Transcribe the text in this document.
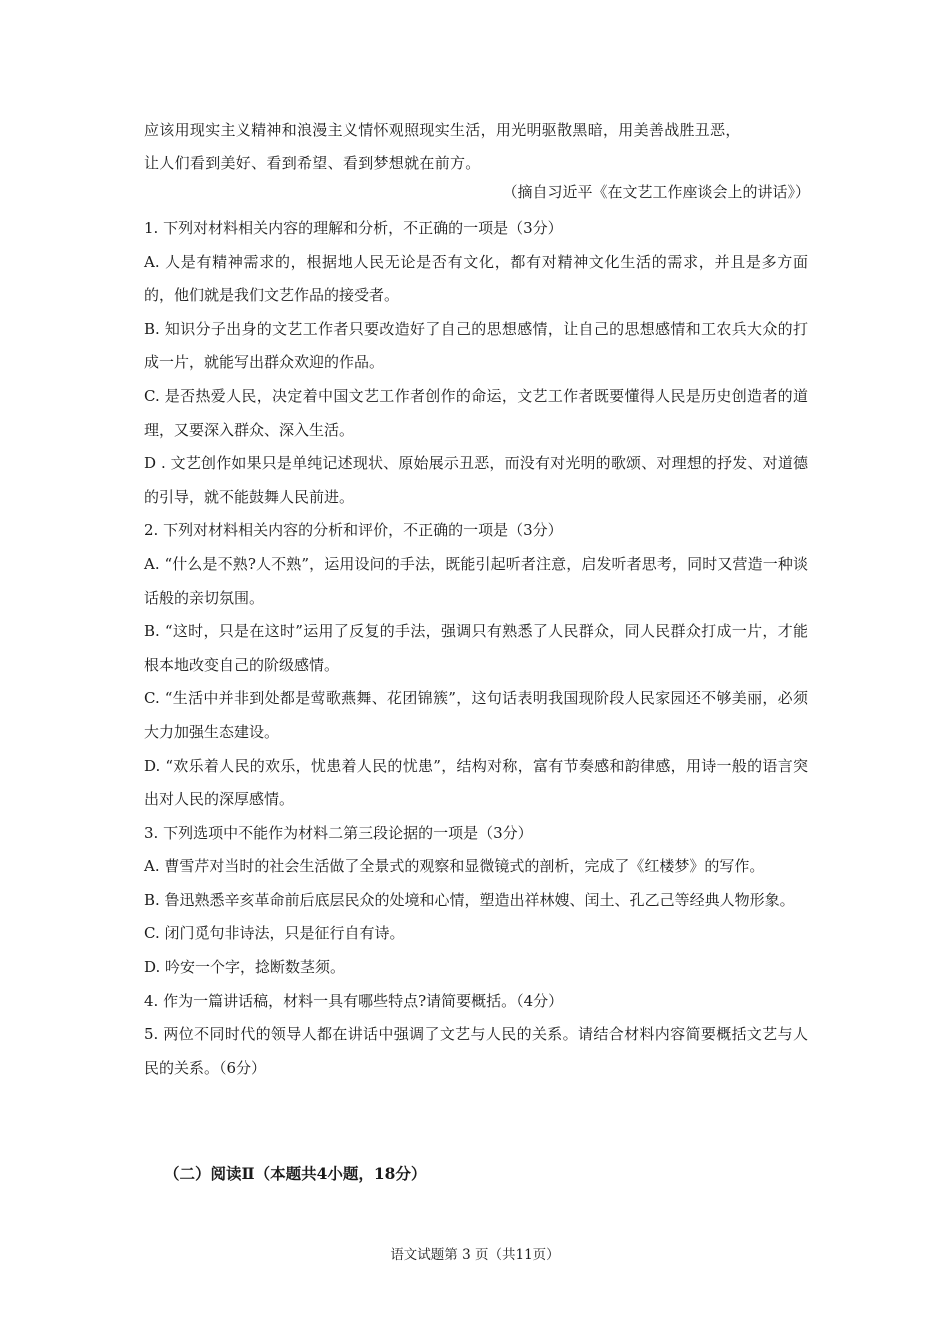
应该用现实主义精神和浪漫主义情怀观照现实生活，用光明驱散黑暗，用美善战胜丑恶，

让人们看到美好、看到希望、看到梦想就在前方。

（摘自习近平《在文艺工作座谈会上的讲话》）

1. 下列对材料相关内容的理解和分析，不正确的一项是（3分）

A. 人是有精神需求的，根据地人民无论是否有文化，都有对精神文化生活的需求，并且是多方面的，他们就是我们文艺作品的接受者。

B. 知识分子出身的文艺工作者只要改造好了自己的思想感情，让自己的思想感情和工农兵大众的打成一片，就能写出群众欢迎的作品。

C. 是否热爱人民，决定着中国文艺工作者创作的命运，文艺工作者既要懂得人民是历史创造者的道理，又要深入群众、深入生活。

D . 文艺创作如果只是单纯记述现状、原始展示丑恶，而没有对光明的歌颂、对理想的抒发、对道德的引导，就不能鼓舞人民前进。

2. 下列对材料相关内容的分析和评价，不正确的一项是（3分）

A. “什么是不熟?人不熟”，运用设问的手法，既能引起听者注意，启发听者思考，同时又营造一种谈话般的亲切氛围。

B. “这时，只是在这时”运用了反复的手法，强调只有熟悉了人民群众，同人民群众打成一片，才能根本地改变自己的阶级感情。

C. “生活中并非到处都是莺歌燕舞、花团锦簇”，这句话表明我国现阶段人民家园还不够美丽，必须大力加强生态建设。

D. “欢乐着人民的欢乐，忧患着人民的忧患”，结构对称，富有节奏感和韵律感，用诗一般的语言突出对人民的深厚感情。

3. 下列选项中不能作为材料二第三段论据的一项是（3分）

A. 曹雪芹对当时的社会生活做了全景式的观察和显微镜式的剖析，完成了《红楼梦》的写作。

B. 鲁迅熟悉辛亥革命前后底层民众的处境和心情，塑造出祥林嫂、闰土、孔乙己等经典人物形象。

C. 闭门觅句非诗法，只是征行自有诗。

D. 吟安一个字，捻断数茎须。

4. 作为一篇讲话稿，材料一具有哪些特点?请简要概括。（4分）

5. 两位不同时代的领导人都在讲话中强调了文艺与人民的关系。请结合材料内容简要概括文艺与人民的关系。（6分）

（二）阅读Ⅱ（本题共4小题，18分）
语文试题第 3 页（共11页）
